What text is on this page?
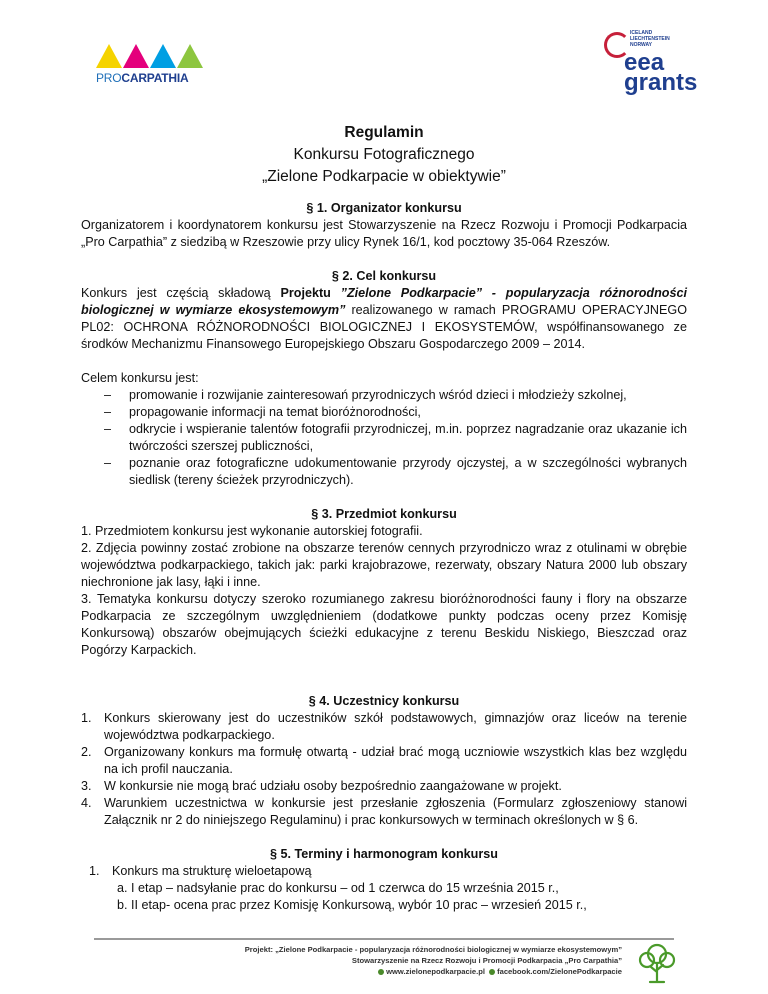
PROCARPATHIA
ICELAND
LIECHTENSTEIN
NORWAY
eea
grants
Regulamin
Konkursu Fotograficznego
„Zielone Podkarpacie w obiektywie”
§ 1. Organizator konkursu

Organizatorem i koordynatorem konkursu jest Stowarzyszenie na Rzecz Rozwoju i Promocji Podkarpacia „Pro Carpathia” z siedzibą w Rzeszowie przy ulicy Rynek 16/1, kod pocztowy 35-064 Rzeszów.

§ 2. Cel konkursu

Konkurs jest częścią składową Projektu ”Zielone Podkarpacie” - popularyzacja różnorodności biologicznej w wymiarze ekosystemowym” realizowanego w ramach PROGRAMU OPERACYJNEGO PL02: OCHRONA RÓŻNORODNOŚCI BIOLOGICZNEJ I EKOSYSTEMÓW, współfinansowanego ze środków Mechanizmu Finansowego Europejskiego Obszaru Gospodarczego 2009 – 2014.

Celem konkursu jest:

– promowanie i rozwijanie zainteresowań przyrodniczych wśród dzieci i młodzieży szkolnej,
– propagowanie informacji na temat bioróżnorodności,
– odkrycie i wspieranie talentów fotografii przyrodniczej, m.in. poprzez nagradzanie oraz ukazanie ich twórczości szerszej publiczności,
– poznanie oraz fotograficzne udokumentowanie przyrody ojczystej, a w szczególności wybranych siedlisk (tereny ścieżek przyrodniczych).
§ 3. Przedmiot konkursu

1. Przedmiotem konkursu jest wykonanie autorskiej fotografii.

2. Zdjęcia powinny zostać zrobione na obszarze terenów cennych przyrodniczo wraz z otulinami w obrębie województwa podkarpackiego, takich jak: parki krajobrazowe, rezerwaty, obszary Natura 2000 lub obszary niechronione jak lasy, łąki i inne.

3. Tematyka konkursu dotyczy szeroko rozumianego zakresu bioróżnorodności fauny i flory na obszarze Podkarpacia ze szczególnym uwzględnieniem (dodatkowe punkty podczas oceny przez Komisję Konkursową) obszarów obejmujących ścieżki edukacyjne z terenu Beskidu Niskiego, Bieszczad oraz Pogórzy Karpackich.

§ 4. Uczestnicy konkursu
1. Konkurs skierowany jest do uczestników szkół podstawowych, gimnazjów oraz liceów na terenie województwa podkarpackiego.
2. Organizowany konkurs ma formułę otwartą - udział brać mogą uczniowie wszystkich klas bez względu na ich profil nauczania.
3. W konkursie nie mogą brać udziału osoby bezpośrednio zaangażowane w projekt.
4. Warunkiem uczestnictwa w konkursie jest przesłanie zgłoszenia (Formularz zgłoszeniowy stanowi Załącznik nr 2 do niniejszego Regulaminu) i prac konkursowych w terminach określonych w § 6.
§ 5. Terminy i harmonogram konkursu
1. Konkurs ma strukturę wieloetapową
a. I etap – nadsyłanie prac do konkursu – od 1 czerwca do 15 września 2015 r.,
b. II etap- ocena prac przez Komisję Konkursową, wybór 10 prac – wrzesień 2015 r.,
Projekt: „Zielone Podkarpacie - popularyzacja różnorodności biologicznej w wymiarze ekosystemowym”
Stowarzyszenie na Rzecz Rozwoju i Promocji Podkarpacia „Pro Carpathia”
www.zielonepodkarpacie.pl facebook.com/ZielonePodkarpacie
